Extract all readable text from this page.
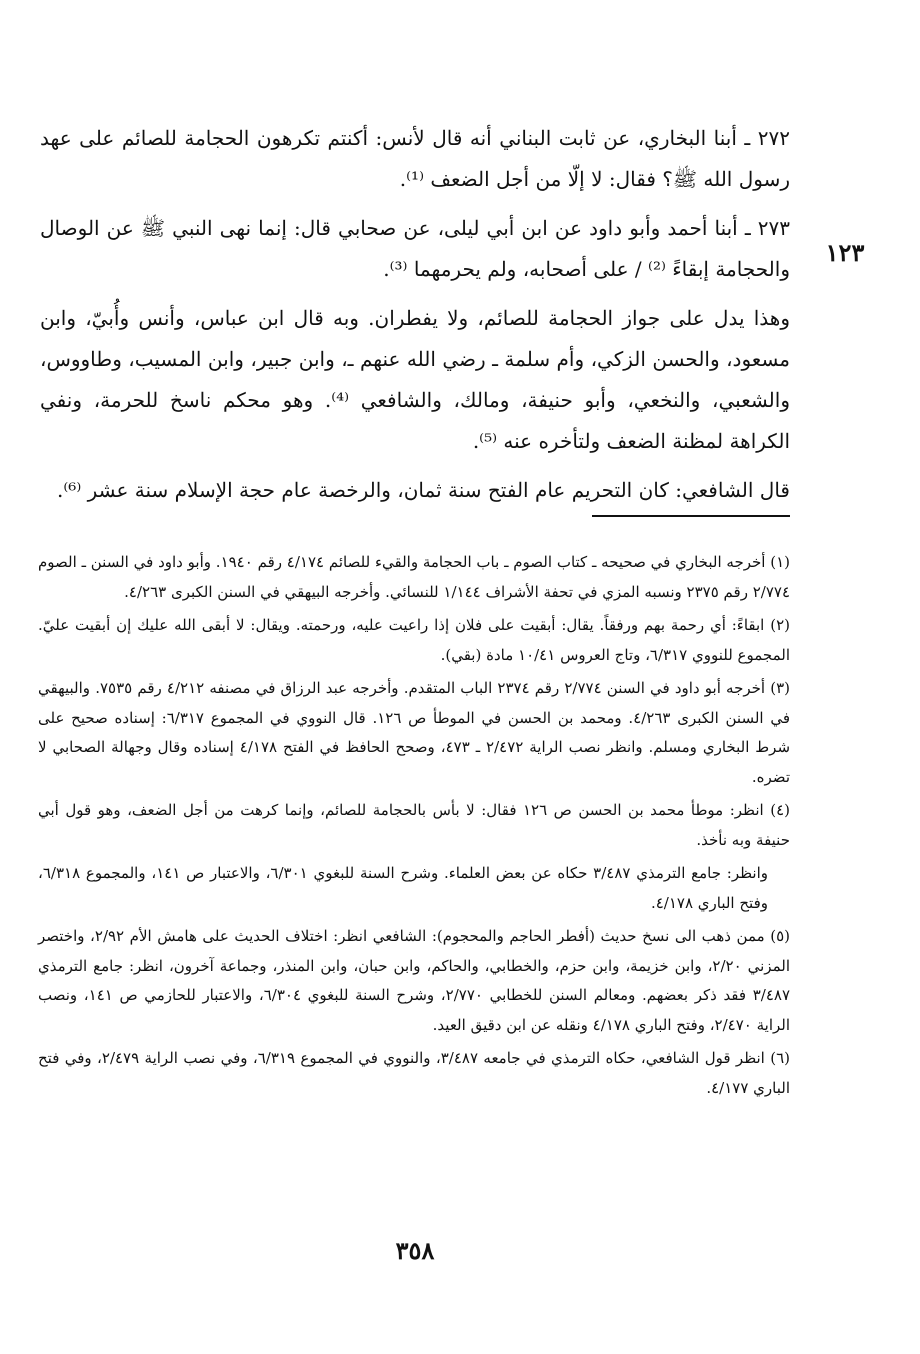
٢٧٢ ـ أبنا البخاري، عن ثابت البناني أنه قال لأنس: أكنتم تكرهون الحجامة للصائم على عهد رسول الله ﷺ؟ فقال: لا إلّا من أجل الضعف ⁽¹⁾.

٢٧٣ ـ أبنا أحمد وأبو داود عن ابن أبي ليلى، عن صحابي قال: إنما نهى النبي ﷺ عن الوصال والحجامة إبقاءً ⁽²⁾ / على أصحابه، ولم يحرمهما ⁽³⁾.

وهذا يدل على جواز الحجامة للصائم، ولا يفطران. وبه قال ابن عباس، وأنس وأُبيّ، وابن مسعود، والحسن الزكي، وأم سلمة ـ رضي الله عنهم ـ، وابن جبير، وابن المسيب، وطاووس، والشعبي، والنخعي، وأبو حنيفة، ومالك، والشافعي ⁽⁴⁾. وهو محكم ناسخ للحرمة، ونفي الكراهة لمظنة الضعف ولتأخره عنه ⁽⁵⁾.

قال الشافعي: كان التحريم عام الفتح سنة ثمان، والرخصة عام حجة الإسلام سنة عشر ⁽⁶⁾.

١٢٣

(١) أخرجه البخاري في صحيحه ـ كتاب الصوم ـ باب الحجامة والقيء للصائم ٤/١٧٤ رقم ١٩٤٠. وأبو داود في السنن ـ الصوم ٢/٧٧٤ رقم ٢٣٧٥ ونسبه المزي في تحفة الأشراف ١/١٤٤ للنسائي. وأخرجه البيهقي في السنن الكبرى ٤/٢٦٣.

(٢) ابقاءً: أي رحمة بهم ورفقاً. يقال: أبقيت على فلان إذا راعيت عليه، ورحمته. ويقال: لا أبقى الله عليك إن أبقيت عليّ. المجموع للنووي ٦/٣١٧، وتاج العروس ١٠/٤١ مادة (بقي).

(٣) أخرجه أبو داود في السنن ٢/٧٧٤ رقم ٢٣٧٤ الباب المتقدم. وأخرجه عبد الرزاق في مصنفه ٤/٢١٢ رقم ٧٥٣٥. والبيهقي في السنن الكبرى ٤/٢٦٣. ومحمد بن الحسن في الموطأ ص ١٢٦. قال النووي في المجموع ٦/٣١٧: إسناده صحيح على شرط البخاري ومسلم. وانظر نصب الراية ٢/٤٧٢ ـ ٤٧٣، وصحح الحافظ في الفتح ٤/١٧٨ إسناده وقال وجهالة الصحابي لا تضره.

(٤) انظر: موطأ محمد بن الحسن ص ١٢٦ فقال: لا بأس بالحجامة للصائم، وإنما كرهت من أجل الضعف، وهو قول أبي حنيفة وبه نأخذ.

وانظر: جامع الترمذي ٣/٤٨٧ حكاه عن بعض العلماء. وشرح السنة للبغوي ٦/٣٠١، والاعتبار ص ١٤١، والمجموع ٦/٣١٨، وفتح الباري ٤/١٧٨.

(٥) ممن ذهب الى نسخ حديث (أفطر الحاجم والمحجوم): الشافعي انظر: اختلاف الحديث على هامش الأم ٢/٩٢، واختصر المزني ٢/٢٠، وابن خزيمة، وابن حزم، والخطابي، والحاكم، وابن حبان، وابن المنذر، وجماعة آخرون، انظر: جامع الترمذي ٣/٤٨٧ فقد ذكر بعضهم. ومعالم السنن للخطابي ٢/٧٧٠، وشرح السنة للبغوي ٦/٣٠٤، والاعتبار للحازمي ص ١٤١، ونصب الراية ٢/٤٧٠، وفتح الباري ٤/١٧٨ ونقله عن ابن دقيق العيد.

(٦) انظر قول الشافعي، حكاه الترمذي في جامعه ٣/٤٨٧، والنووي في المجموع ٦/٣١٩، وفي نصب الراية ٢/٤٧٩، وفي فتح الباري ٤/١٧٧.

٣٥٨
